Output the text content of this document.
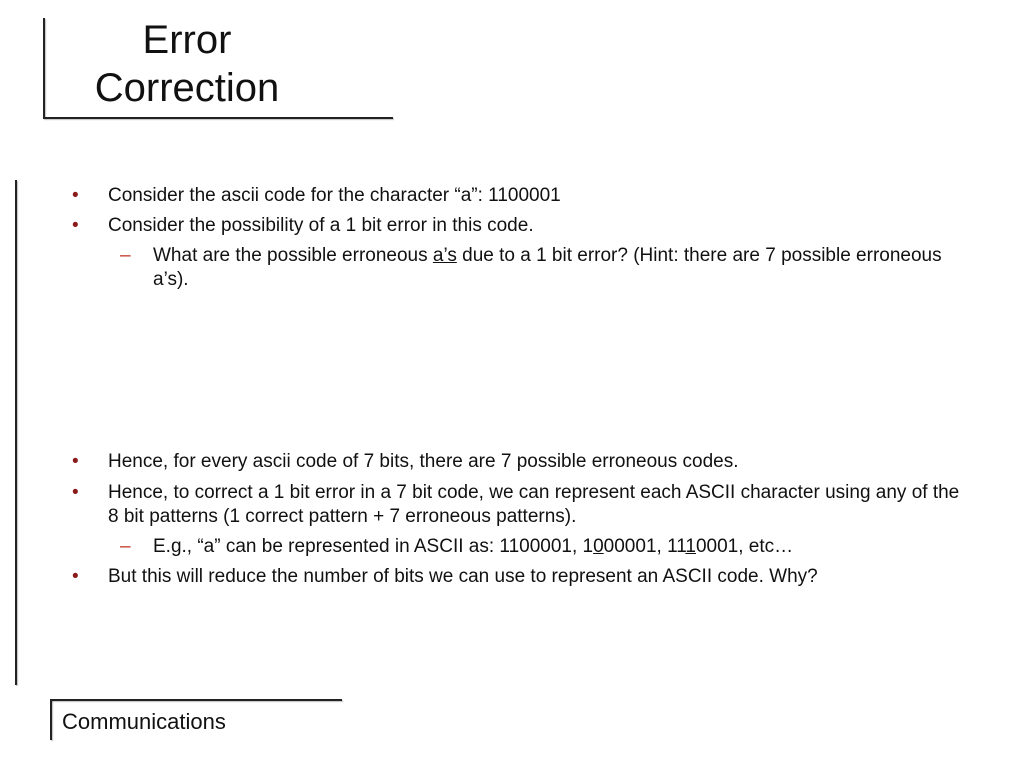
Error
Correction
• Consider the ascii code for the character “a”: 1100001
• Consider the possibility of a 1 bit error in this code.
– What are the possible erroneous a’s due to a 1 bit error? (Hint: there are 7 possible erroneous a’s).
• Hence, for every ascii code of 7 bits, there are 7 possible erroneous codes.
• Hence, to correct a 1 bit error in a 7 bit code, we can represent each ASCII character using any of the 8 bit patterns (1 correct pattern + 7 erroneous patterns).
– E.g., “a” can be represented in ASCII as: 1100001, 1000001, 1110001, etc…
• But this will reduce the number of bits we can use to represent an ASCII code. Why?
Communications
